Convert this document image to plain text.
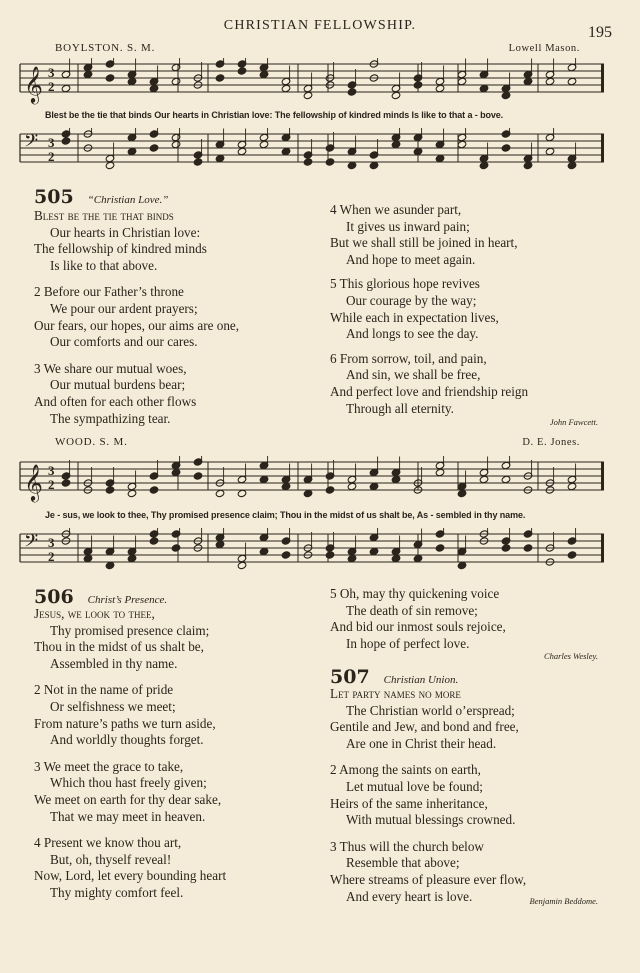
CHRISTIAN FELLOWSHIP.	195
BOYLSTON. S. M.	Lowell Mason.
𝄞 3
2
Blest be the tie that binds Our hearts in Christian love: The fellowship of kindred minds Is like to that a - bove.
𝄢 3
2
505 “Christian Love.”
Blest be the tie that binds
Our hearts in Christian love:
The fellowship of kindred minds
Is like to that above.
2 Before our Father’s throne
We pour our ardent prayers;
Our fears, our hopes, our aims are one,
Our comforts and our cares.
3 We share our mutual woes,
Our mutual burdens bear;
And often for each other flows
The sympathizing tear.
4 When we asunder part,
It gives us inward pain;
But we shall still be joined in heart,
And hope to meet again.
5 This glorious hope revives
Our courage by the way;
While each in expectation lives,
And longs to see the day.
6 From sorrow, toil, and pain,
And sin, we shall be free,
And perfect love and friendship reign
Through all eternity.
John Fawcett.
WOOD. S. M.	D. E. Jones.
𝄞 3
2
Je - sus, we look to thee, Thy promised presence claim; Thou in the midst of us shalt be, As - sembled in thy name.
𝄢 3
2
506 Christ’s Presence.
Jesus, we look to thee,
Thy promised presence claim;
Thou in the midst of us shalt be,
Assembled in thy name.
2 Not in the name of pride
Or selfishness we meet;
From nature’s paths we turn aside,
And worldly thoughts forget.
3 We meet the grace to take,
Which thou hast freely given;
We meet on earth for thy dear sake,
That we may meet in heaven.
4 Present we know thou art,
But, oh, thyself reveal!
Now, Lord, let every bounding heart
Thy mighty comfort feel.
5 Oh, may thy quickening voice
The death of sin remove;
And bid our inmost souls rejoice,
In hope of perfect love.
Charles Wesley.
507 Christian Union.
Let party names no more
The Christian world o’erspread;
Gentile and Jew, and bond and free,
Are one in Christ their head.
2 Among the saints on earth,
Let mutual love be found;
Heirs of the same inheritance,
With mutual blessings crowned.
3 Thus will the church below
Resemble that above;
Where streams of pleasure ever flow,
And every heart is love.	Benjamin Beddome.
